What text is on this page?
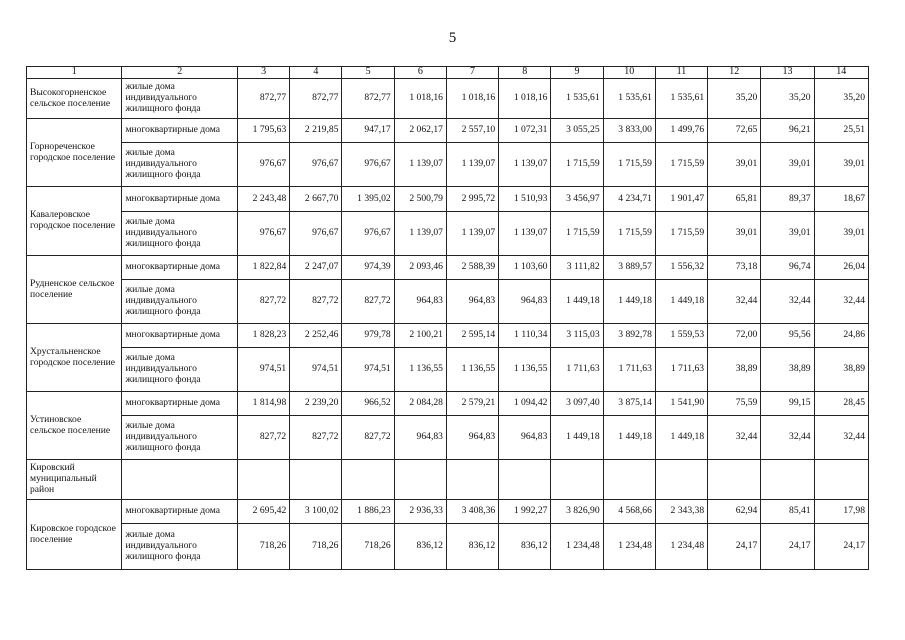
5
1	2	3	4	5	6	7	8	9	10	11	12	13	14
Высокогорненское сельское поселение	жилые дома индивидуального жилищного фонда	872,77	872,77	872,77	1 018,16	1 018,16	1 018,16	1 535,61	1 535,61	1 535,61	35,20	35,20	35,20
Горнореченское городское поселение	многоквартирные дома	1 795,63	2 219,85	947,17	2 062,17	2 557,10	1 072,31	3 055,25	3 833,00	1 499,76	72,65	96,21	25,51
	жилые дома индивидуального жилищного фонда	976,67	976,67	976,67	1 139,07	1 139,07	1 139,07	1 715,59	1 715,59	1 715,59	39,01	39,01	39,01
Кавалеровское городское поселение	многоквартирные дома	2 243,48	2 667,70	1 395,02	2 500,79	2 995,72	1 510,93	3 456,97	4 234,71	1 901,47	65,81	89,37	18,67
	жилые дома индивидуального жилищного фонда	976,67	976,67	976,67	1 139,07	1 139,07	1 139,07	1 715,59	1 715,59	1 715,59	39,01	39,01	39,01
Рудненское сельское поселение	многоквартирные дома	1 822,84	2 247,07	974,39	2 093,46	2 588,39	1 103,60	3 111,82	3 889,57	1 556,32	73,18	96,74	26,04
	жилые дома индивидуального жилищного фонда	827,72	827,72	827,72	964,83	964,83	964,83	1 449,18	1 449,18	1 449,18	32,44	32,44	32,44
Хрустальненское городское поселение	многоквартирные дома	1 828,23	2 252,46	979,78	2 100,21	2 595,14	1 110,34	3 115,03	3 892,78	1 559,53	72,00	95,56	24,86
	жилые дома индивидуального жилищного фонда	974,51	974,51	974,51	1 136,55	1 136,55	1 136,55	1 711,63	1 711,63	1 711,63	38,89	38,89	38,89
Устиновское сельское поселение	многоквартирные дома	1 814,98	2 239,20	966,52	2 084,28	2 579,21	1 094,42	3 097,40	3 875,14	1 541,90	75,59	99,15	28,45
	жилые дома индивидуального жилищного фонда	827,72	827,72	827,72	964,83	964,83	964,83	1 449,18	1 449,18	1 449,18	32,44	32,44	32,44
Кировский муниципальный район													
Кировское городское поселение	многоквартирные дома	2 695,42	3 100,02	1 886,23	2 936,33	3 408,36	1 992,27	3 826,90	4 568,66	2 343,38	62,94	85,41	17,98
	жилые дома индивидуального жилищного фонда	718,26	718,26	718,26	836,12	836,12	836,12	1 234,48	1 234,48	1 234,48	24,17	24,17	24,17
